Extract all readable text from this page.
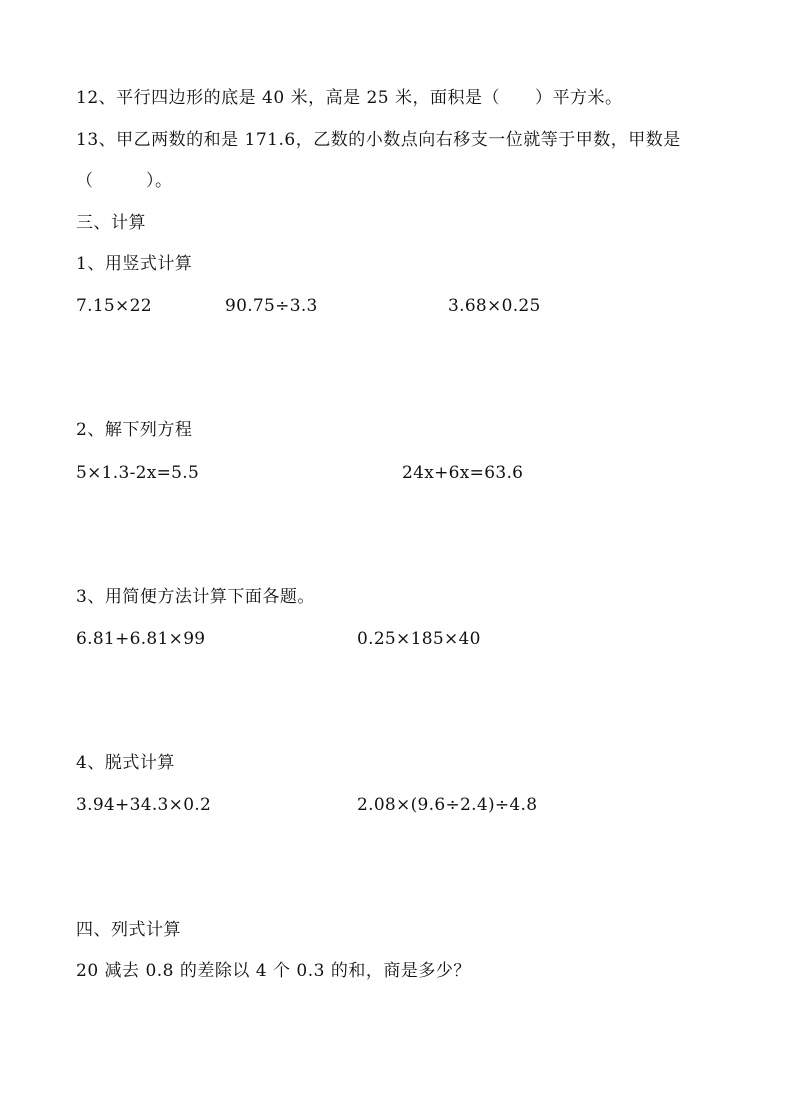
12、平行四边形的底是 40 米，高是 25 米，面积是（　　）平方米。
13、甲乙两数的和是 171.6，乙数的小数点向右移支一位就等于甲数，甲数是
（　　　）。
三、计算
1、用竖式计算
7.15×22	90.75÷3.3	3.68×0.25
2、解下列方程
5×1.3-2x=5.5	24x+6x=63.6
3、用简便方法计算下面各题。
6.81+6.81×99	0.25×185×40
4、脱式计算
3.94+34.3×0.2	2.08×(9.6÷2.4)÷4.8
四、列式计算
20 减去 0.8 的差除以 4 个 0.3 的和，商是多少？
